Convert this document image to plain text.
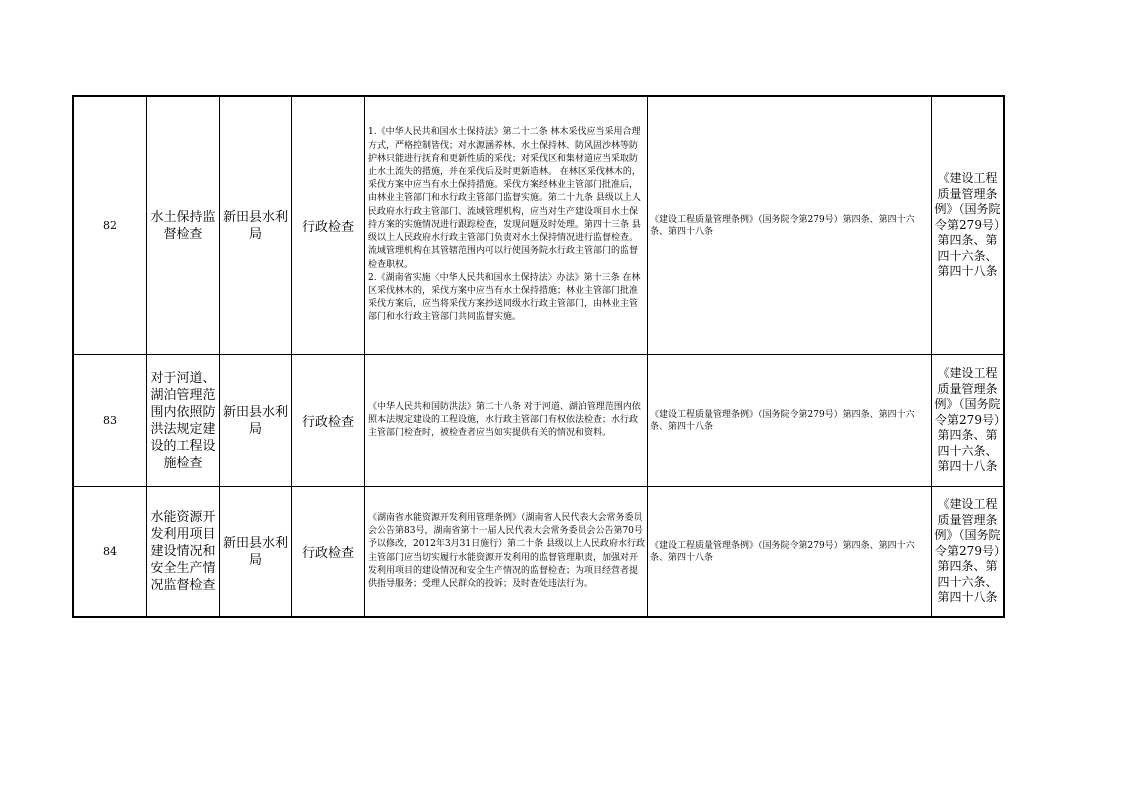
82	水土保持监督检查	新田县水利局	行政检查	1.《中华人民共和国水土保持法》第二十二条 林木采伐应当采用合理方式，严格控制皆伐；对水源涵养林、水土保持林、防风固沙林等防护林只能进行抚育和更新性质的采伐；对采伐区和集材道应当采取防止水土流失的措施，并在采伐后及时更新造林。 在林区采伐林木的，采伐方案中应当有水土保持措施。采伐方案经林业主管部门批准后，由林业主管部门和水行政主管部门监督实施。第二十九条 县级以上人民政府水行政主管部门、流域管理机构，应当对生产建设项目水土保持方案的实施情况进行跟踪检查，发现问题及时处理。第四十三条 县级以上人民政府水行政主管部门负责对水土保持情况进行监督检查。流域管理机构在其管辖范围内可以行使国务院水行政主管部门的监督检查职权。
2.《湖南省实施〈中华人民共和国水土保持法〉办法》第十三条 在林区采伐林木的，采伐方案中应当有水土保持措施；林业主管部门批准采伐方案后，应当将采伐方案抄送同级水行政主管部门，由林业主管部门和水行政主管部门共同监督实施。	《建设工程质量管理条例》（国务院令第279号）第四条、第四十六条、第四十八条	《建设工程质量管理条例》（国务院令第279号）第四条、第四十六条、第四十八条

83	对于河道、湖泊管理范围内依照防洪法规定建设的工程设施检查	新田县水利局	行政检查	《中华人民共和国防洪法》第二十八条 对于河道、湖泊管理范围内依照本法规定建设的工程设施，水行政主管部门有权依法检查；水行政主管部门检查时，被检查者应当如实提供有关的情况和资料。	《建设工程质量管理条例》（国务院令第279号）第四条、第四十六条、第四十八条	《建设工程质量管理条例》（国务院令第279号）第四条、第四十六条、第四十八条

84	水能资源开发利用项目建设情况和安全生产情况监督检查	新田县水利局	行政检查	《湖南省水能资源开发利用管理条例》（湖南省人民代表大会常务委员会公告第83号，湖南省第十一届人民代表大会常务委员会公告第70号予以修改，2012年3月31日施行）第二十条 县级以上人民政府水行政主管部门应当切实履行水能资源开发利用的监督管理职责，加强对开发利用项目的建设情况和安全生产情况的监督检查；为项目经营者提供指导服务；受理人民群众的投诉；及时查处违法行为。	《建设工程质量管理条例》（国务院令第279号）第四条、第四十六条、第四十八条	《建设工程质量管理条例》（国务院令第279号）第四条、第四十六条、第四十八条
